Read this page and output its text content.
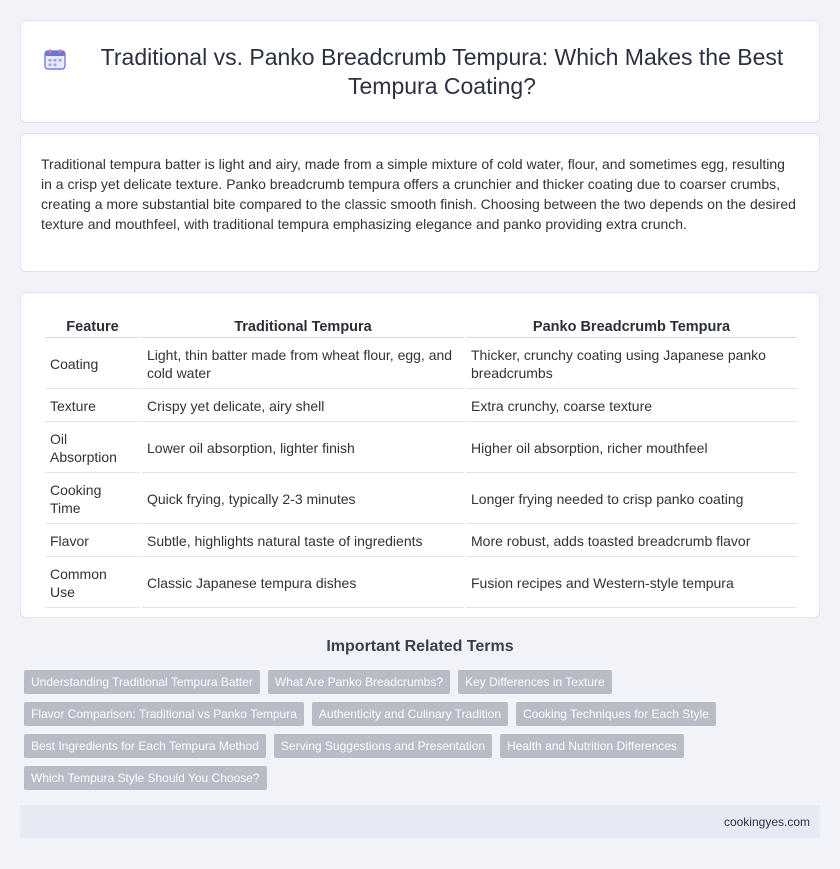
Traditional vs. Panko Breadcrumb Tempura: Which Makes the Best Tempura Coating?

Traditional tempura batter is light and airy, made from a simple mixture of cold water, flour, and sometimes egg, resulting in a crisp yet delicate texture. Panko breadcrumb tempura offers a crunchier and thicker coating due to coarser crumbs, creating a more substantial bite compared to the classic smooth finish. Choosing between the two depends on the desired texture and mouthfeel, with traditional tempura emphasizing elegance and panko providing extra crunch.

Feature	Traditional Tempura	Panko Breadcrumb Tempura
Coating	Light, thin batter made from wheat flour, egg, and cold water	Thicker, crunchy coating using Japanese panko breadcrumbs
Texture	Crispy yet delicate, airy shell	Extra crunchy, coarse texture
Oil Absorption	Lower oil absorption, lighter finish	Higher oil absorption, richer mouthfeel
Cooking Time	Quick frying, typically 2-3 minutes	Longer frying needed to crisp panko coating
Flavor	Subtle, highlights natural taste of ingredients	More robust, adds toasted breadcrumb flavor
Common Use	Classic Japanese tempura dishes	Fusion recipes and Western-style tempura
Important Related Terms
Understanding Traditional Tempura Batter	What Are Panko Breadcrumbs?	Key Differences in Texture
Flavor Comparison: Traditional vs Panko Tempura	Authenticity and Culinary Tradition	Cooking Techniques for Each Style
Best Ingredients for Each Tempura Method	Serving Suggestions and Presentation	Health and Nutrition Differences
Which Tempura Style Should You Choose?
cookingyes.com
